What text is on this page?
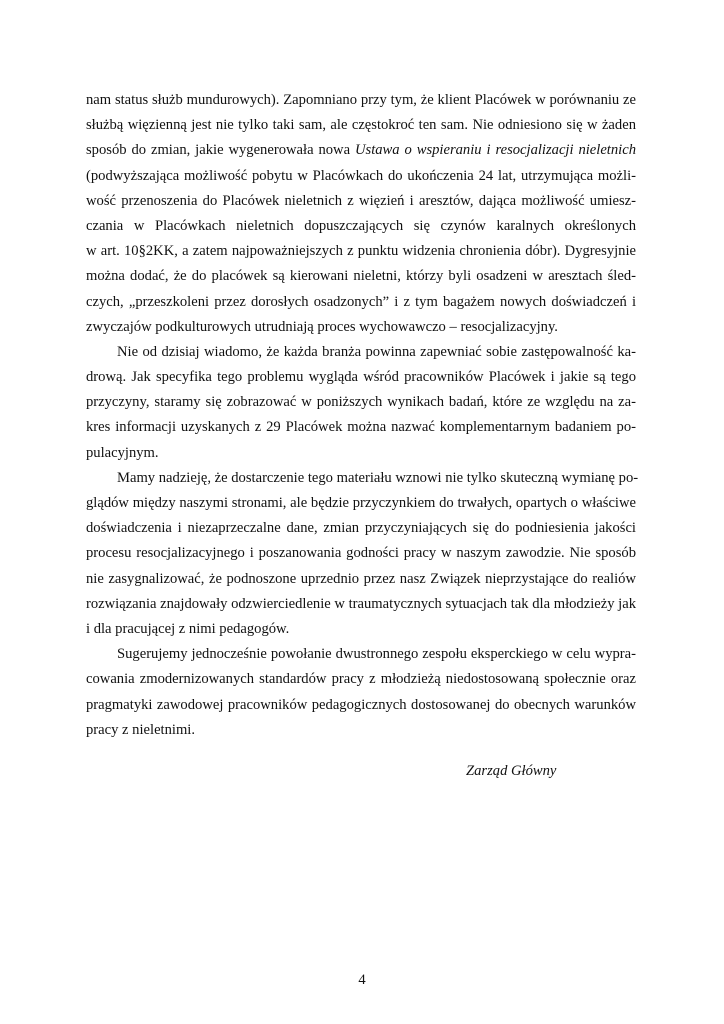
nam status służb mundurowych). Zapomniano przy tym, że klient Placówek w porównaniu ze
służbą więzienną jest nie tylko taki sam, ale częstokroć ten sam. Nie odniesiono się w żaden
sposób do zmian, jakie wygenerowała nowa Ustawa o wspieraniu i resocjalizacji nieletnich
(podwyższająca możliwość pobytu w Placówkach do ukończenia 24 lat, utrzymująca możli-
wość przenoszenia do Placówek nieletnich z więzień i aresztów, dająca możliwość umiesz-
czania w Placówkach nieletnich dopuszczających się czynów karalnych określonych
w art. 10§2KK, a zatem najpoważniejszych z punktu widzenia chronienia dóbr). Dygresyjnie
można dodać, że do placówek są kierowani nieletni, którzy byli osadzeni w aresztach śled-
czych, „przeszkoleni przez dorosłych osadzonych” i z tym bagażem nowych doświadczeń i
zwyczajów podkulturowych utrudniają proces wychowawczo – resocjalizacyjny.
Nie od dzisiaj wiadomo, że każda branża powinna zapewniać sobie zastępowalność ka-
drową. Jak specyfika tego problemu wygląda wśród pracowników Placówek i jakie są tego
przyczyny, staramy się zobrazować w poniższych wynikach badań, które ze względu na za-
kres informacji uzyskanych z 29 Placówek można nazwać komplementarnym badaniem po-
pulacyjnym.
Mamy nadzieję, że dostarczenie tego materiału wznowi nie tylko skuteczną wymianę po-
glądów między naszymi stronami, ale będzie przyczynkiem do trwałych, opartych o właściwe
doświadczenia i niezaprzeczalne dane, zmian przyczyniających się do podniesienia jakości
procesu resocjalizacyjnego i poszanowania godności pracy w naszym zawodzie. Nie sposób
nie zasygnalizować, że podnoszone uprzednio przez nasz Związek nieprzystające do realiów
rozwiązania znajdowały odzwierciedlenie w traumatycznych sytuacjach tak dla młodzieży jak
i dla pracującej z nimi pedagogów.
Sugerujemy jednocześnie powołanie dwustronnego zespołu eksperckiego w celu wypra-
cowania zmodernizowanych standardów pracy z młodzieżą niedostosowaną społecznie oraz
pragmatyki zawodowej pracowników pedagogicznych dostosowanej do obecnych warunków
pracy z nieletnimi.
Zarząd Główny
4
